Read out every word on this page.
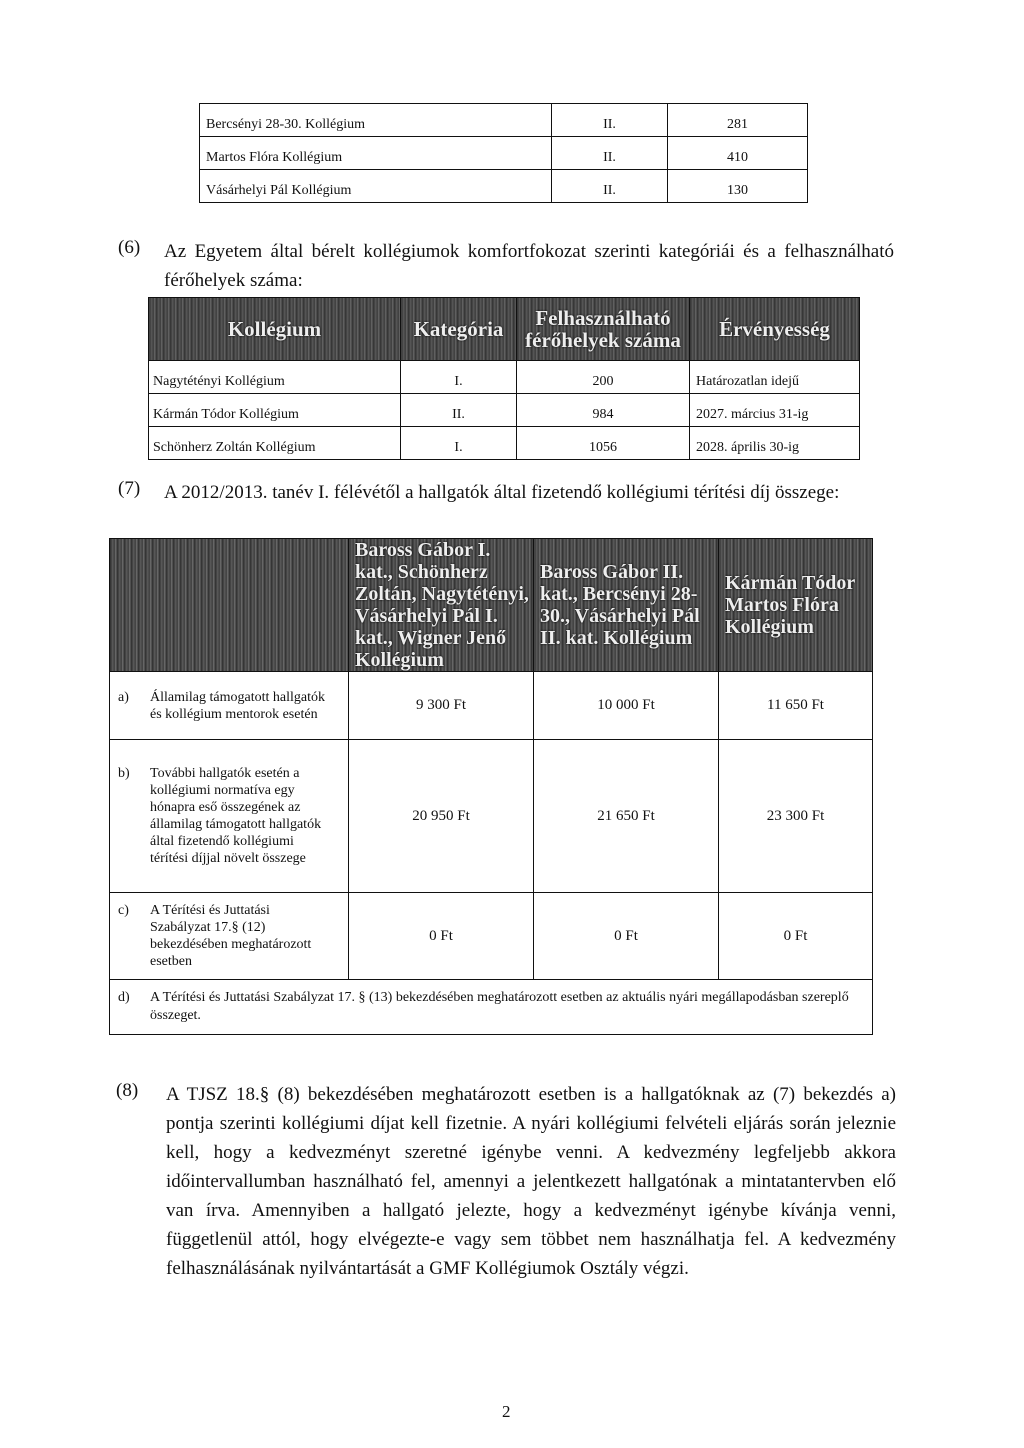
Bercsényi 28-30. Kollégium	II.	281
Martos Flóra Kollégium	II.	410
Vásárhelyi Pál Kollégium	II.	130
(6) Az Egyetem által bérelt kollégiumok komfortfokozat szerinti kategóriái és a felhasználható férőhelyek száma:
Kollégium	Kategória	Felhasználható férőhelyek száma	Érvényesség
Nagytétényi Kollégium	I.	200	Határozatlan idejű
Kármán Tódor Kollégium	II.	984	2027. március 31-ig
Schönherz Zoltán Kollégium	I.	1056	2028. április 30-ig
(7) A 2012/2013. tanév I. félévétől a hallgatók által fizetendő kollégiumi térítési díj összege:
	Baross Gábor I. kat., Schönherz Zoltán, Nagytétényi, Vásárhelyi Pál I. kat., Wigner Jenő Kollégium	Baross Gábor II. kat., Bercsényi 28-30., Vásárhelyi Pál II. kat. Kollégium	Kármán Tódor Martos Flóra Kollégium
a) Államilag támogatott hallgatók és kollégium mentorok esetén	9 300 Ft	10 000 Ft	11 650 Ft
b) További hallgatók esetén a kollégiumi normatíva egy hónapra eső összegének az államilag támogatott hallgatók által fizetendő kollégiumi térítési díjjal növelt összege	20 950 Ft	21 650 Ft	23 300 Ft
c) A Térítési és Juttatási Szabályzat 17.§ (12) bekezdésében meghatározott esetben	0 Ft	0 Ft	0 Ft
d) A Térítési és Juttatási Szabályzat 17. § (13) bekezdésében meghatározott esetben az aktuális nyári megállapodásban szereplő összeget.			
(8) A TJSZ 18.§ (8) bekezdésében meghatározott esetben is a hallgatóknak az (7) bekezdés a) pontja szerinti kollégiumi díjat kell fizetnie. A nyári kollégiumi felvételi eljárás során jeleznie kell, hogy a kedvezményt szeretné igénybe venni. A kedvezmény legfeljebb akkora időintervallumban használható fel, amennyi a jelentkezett hallgatónak a mintatantervben elő van írva. Amennyiben a hallgató jelezte, hogy a kedvezményt igénybe kívánja venni, függetlenül attól, hogy elvégezte-e vagy sem többet nem használhatja fel. A kedvezmény felhasználásának nyilvántartását a GMF Kollégiumok Osztály végzi.
2
